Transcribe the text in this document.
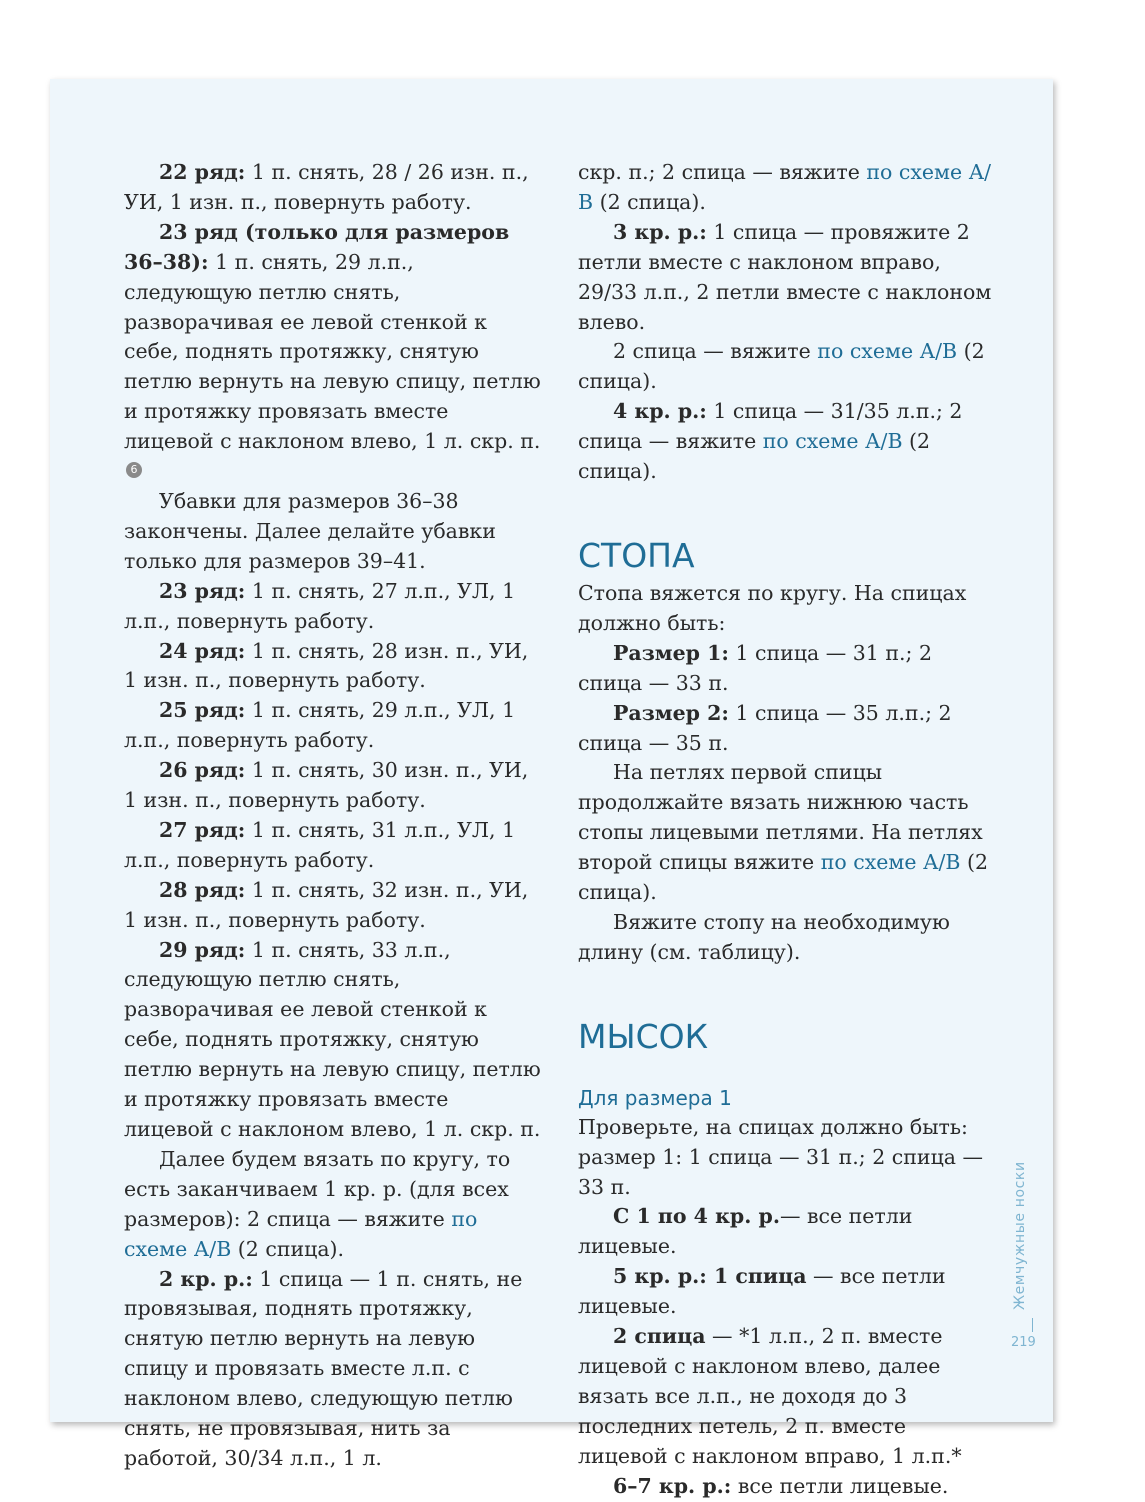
22 ряд: 1 п. снять, 28 / 26 изн. п., УИ, 1 изн. п., повернуть работу.

23 ряд (только для размеров 36–38): 1 п. снять, 29 л.п., следующую петлю снять, разворачивая ее левой стенкой к себе, поднять протяжку, снятую петлю вернуть на левую спицу, петлю и протяжку провязать вместе лицевой с наклоном влево, 1 л. скр. п.6

Убавки для размеров 36–38 закончены. Далее делайте убавки только для размеров 39–41.

23 ряд: 1 п. снять, 27 л.п., УЛ, 1 л.п., повернуть работу.

24 ряд: 1 п. снять, 28 изн. п., УИ, 1 изн. п., повернуть работу.

25 ряд: 1 п. снять, 29 л.п., УЛ, 1 л.п., повернуть работу.

26 ряд: 1 п. снять, 30 изн. п., УИ, 1 изн. п., повернуть работу.

27 ряд: 1 п. снять, 31 л.п., УЛ, 1 л.п., повернуть работу.

28 ряд: 1 п. снять, 32 изн. п., УИ, 1 изн. п., повернуть работу.

29 ряд: 1 п. снять, 33 л.п., следующую петлю снять, разворачивая ее левой стенкой к себе, поднять протяжку, снятую петлю вернуть на левую спицу, петлю и протяжку провязать вместе лицевой с наклоном влево, 1 л. скр. п.

Далее будем вязать по кругу, то есть заканчиваем 1 кр. р. (для всех размеров): 2 спица — вяжите по схеме А/В (2 спица).

2 кр. р.: 1 спица — 1 п. снять, не провязывая, поднять протяжку, снятую петлю вернуть на левую спицу и провязать вместе л.п. с наклоном влево, следующую петлю снять, не провязывая, нить за работой, 30/34 л.п., 1 л.

скр. п.; 2 спица — вяжите по схеме А/В (2 спица).

3 кр. р.: 1 спица — провяжите 2 петли вместе с наклоном вправо, 29/33 л.п., 2 петли вместе с наклоном влево.

2 спица — вяжите по схеме А/В (2 спица).

4 кр. р.: 1 спица — 31/35 л.п.; 2 спица — вяжите по схеме А/В (2 спица).

СТОПА

Стопа вяжется по кругу. На спицах должно быть:

Размер 1: 1 спица — 31 п.; 2 спица — 33 п.

Размер 2: 1 спица — 35 л.п.; 2 спица — 35 п.

На петлях первой спицы продолжайте вязать нижнюю часть стопы лицевыми петлями. На петлях второй спицы вяжите по схеме А/В (2 спица).

Вяжите стопу на необходимую длину (см. таблицу).

МЫСОК
Для размера 1

Проверьте, на спицах должно быть: размер 1: 1 спица — 31 п.; 2 спица — 33 п.

С 1 по 4 кр. р.— все петли лицевые.

5 кр. р.: 1 спица — все петли лицевые.

2 спица — *1 л.п., 2 п. вместе лицевой с наклоном влево, далее вязать все л.п., не доходя до 3 последних петель, 2 п. вместе лицевой с наклоном вправо, 1 л.п.*

6–7 кр. р.: все петли лицевые.

Жемчужные носки
219
